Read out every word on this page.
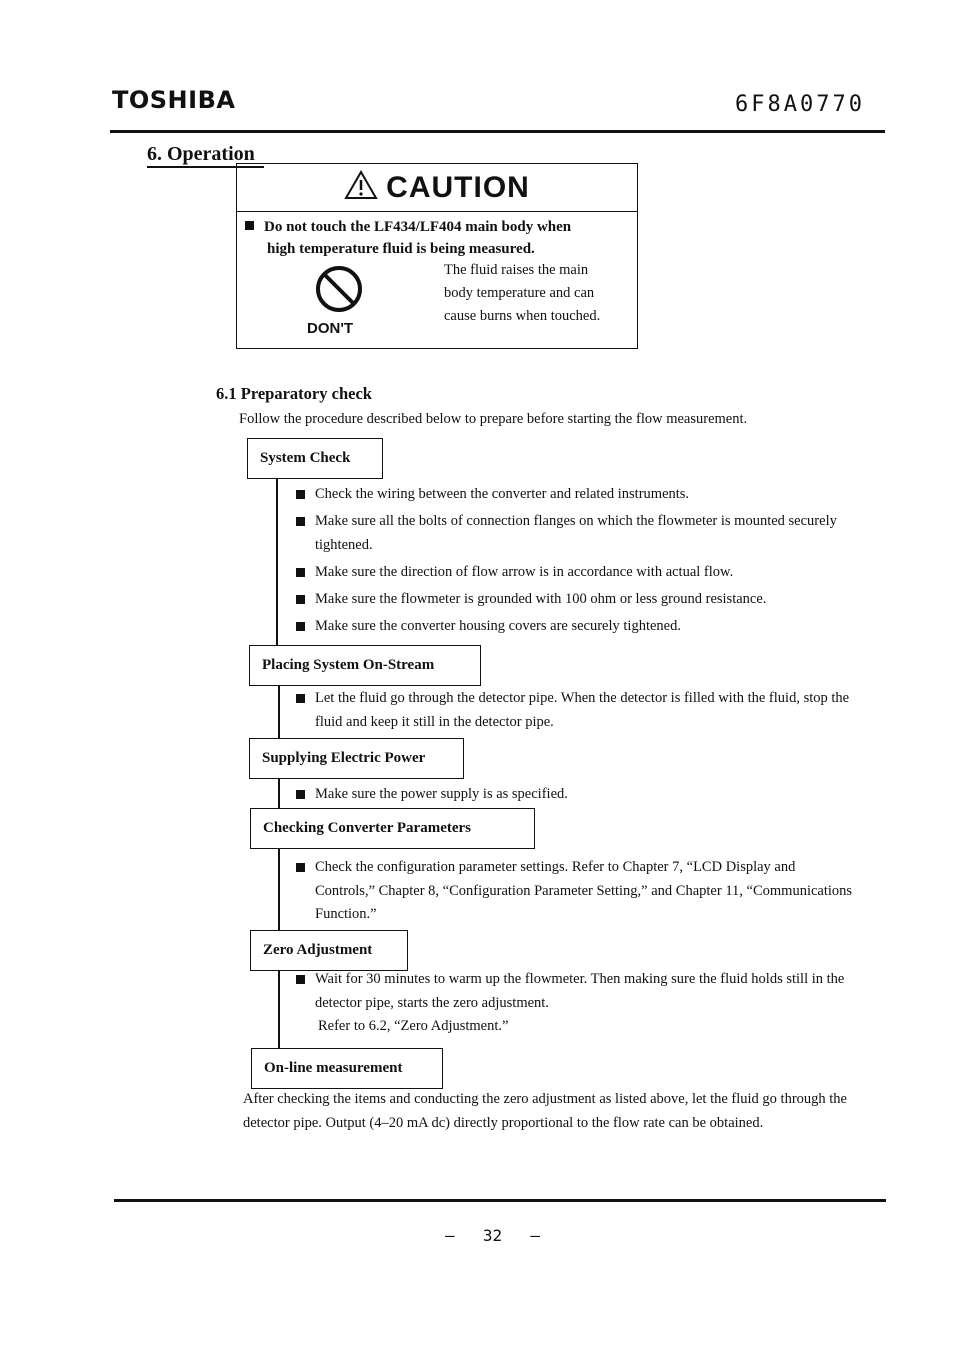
TOSHIBA	6F8A0770
6. Operation
CAUTION
Do not touch the LF434/LF404 main body when
high temperature fluid is being measured.
DON'T
The fluid raises the main
body temperature and can
cause burns when touched.
6.1 Preparatory check
Follow the procedure described below to prepare before starting the flow measurement.
System Check
Check the wiring between the converter and related instruments.
Make sure all the bolts of connection flanges on which the flowmeter is mounted securely tightened.
Make sure the direction of flow arrow is in accordance with actual flow.
Make sure the flowmeter is grounded with 100 ohm or less ground resistance.
Make sure the converter housing covers are securely tightened.
Placing System On-Stream
Let the fluid go through the detector pipe. When the detector is filled with the fluid, stop the fluid and keep it still in the detector pipe.
Supplying Electric Power
Make sure the power supply is as specified.
Checking Converter Parameters
Check the configuration parameter settings. Refer to Chapter 7, “LCD Display and Controls,” Chapter 8, “Configuration Parameter Setting,” and Chapter 11, “Communications Function.”
Zero Adjustment
Wait for 30 minutes to warm up the flowmeter. Then making sure the fluid holds still in the detector pipe, starts the zero adjustment.
Refer to 6.2, “Zero Adjustment.”
On-line measurement
After checking the items and conducting the zero adjustment as listed above, let the fluid go through the detector pipe. Output (4–20 mA dc) directly proportional to the flow rate can be obtained.
– 32 –
